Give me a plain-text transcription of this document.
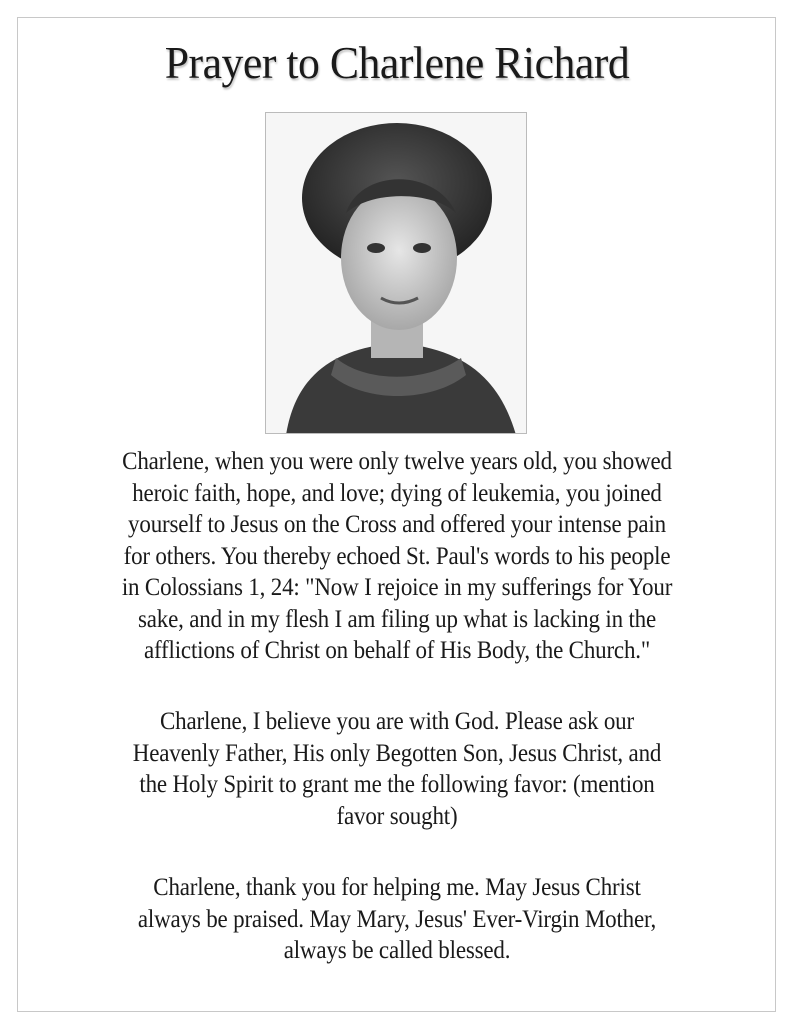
Prayer to Charlene Richard
Charlene, when you were only twelve years old, you showed
heroic faith, hope, and love; dying of leukemia, you joined
yourself to Jesus on the Cross and offered your intense pain
for others. You thereby echoed St. Paul's words to his people
in Colossians 1, 24: "Now I rejoice in my sufferings for Your
sake, and in my flesh I am filing up what is lacking in the
afflictions of Christ on behalf of His Body, the Church."
Charlene, I believe you are with God. Please ask our
Heavenly Father, His only Begotten Son, Jesus Christ, and
the Holy Spirit to grant me the following favor: (mention
favor sought)
Charlene, thank you for helping me. May Jesus Christ
always be praised. May Mary, Jesus' Ever-Virgin Mother,
always be called blessed.
